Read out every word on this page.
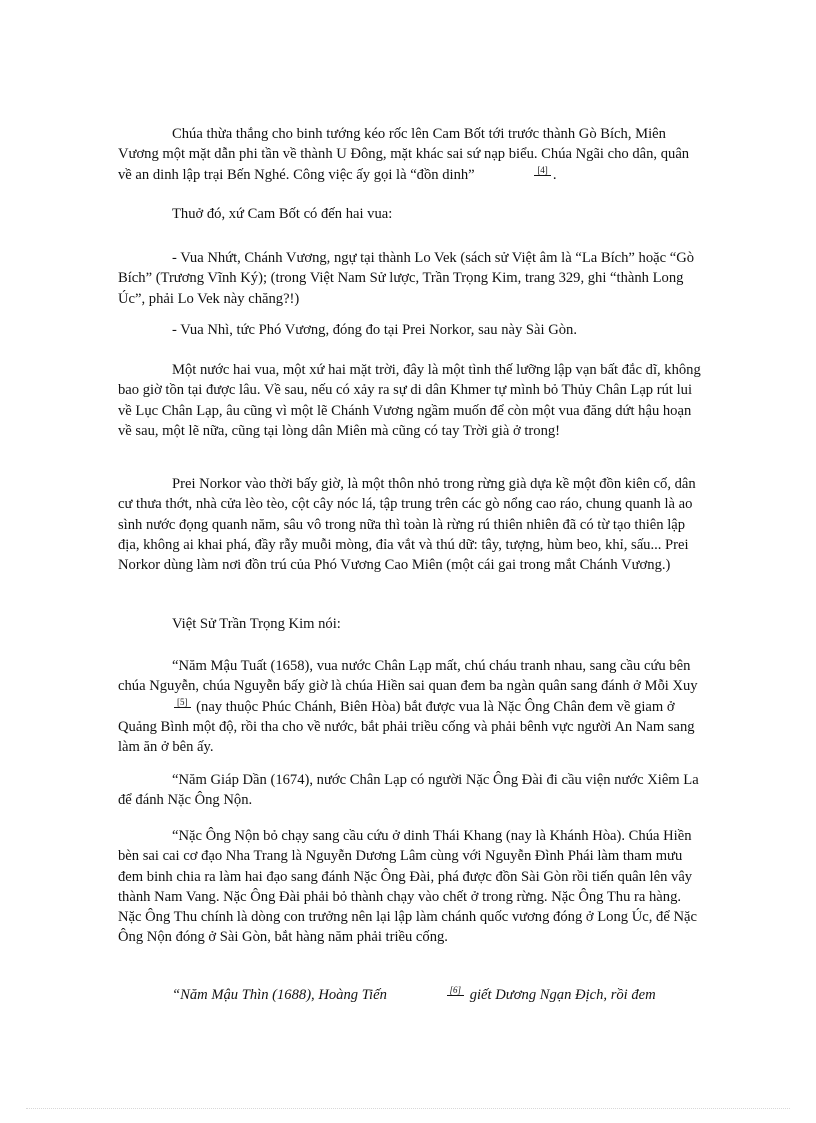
Chúa thừa thắng cho binh tướng kéo rốc lên Cam Bốt tới trước thành Gò Bích, Miên Vương một mặt dẫn phi tần về thành U Đông, mặt khác sai sứ nạp biểu. Chúa Ngãi cho dân, quân về an dinh lập trại Bến Nghé. Công việc ấy gọi là “đồn dinh”	[4] .

Thuở đó, xứ Cam Bốt có đến hai vua:

- Vua Nhứt, Chánh Vương, ngự tại thành Lo Vek (sách sử Việt âm là “La Bích” hoặc “Gò Bích” (Trương Vĩnh Ký); (trong Việt Nam Sử lược, Trần Trọng Kim, trang 329, ghi “thành Long Úc”, phải Lo Vek này chăng?!)

- Vua Nhì, tức Phó Vương, đóng đo tại Prei Norkor, sau này Sài Gòn.

Một nước hai vua, một xứ hai mặt trời, đây là một tình thế lưỡng lập vạn bất đắc dĩ, không bao giờ tồn tại được lâu. Về sau, nếu có xảy ra sự di dân Khmer tự mình bỏ Thủy Chân Lạp rút lui về Lục Chân Lạp, âu cũng vì một lẽ Chánh Vương ngầm muốn để còn một vua đăng dứt hậu hoạn về sau, một lẽ nữa, cũng tại lòng dân Miên mà cũng có tay Trời già ở trong!

Prei Norkor vào thời bấy giờ, là một thôn nhỏ trong rừng già dựa kề một đồn kiên cố, dân cư thưa thớt, nhà cửa lèo tèo, cột cây nóc lá, tập trung trên các gò nổng cao ráo, chung quanh là ao sình nước đọng quanh năm, sâu vô trong nữa thì toàn là rừng rú thiên nhiên đã có từ tạo thiên lập địa, không ai khai phá, đầy rẫy muỗi mòng, đỉa vắt và thú dữ: tây, tượng, hùm beo, khỉ, sấu... Prei Norkor dùng làm nơi đồn trú của Phó Vương Cao Miên (một cái gai trong mắt Chánh Vương.)

Việt Sử Trần Trọng Kim nói:

“Năm Mậu Tuất (1658), vua nước Chân Lạp mất, chú cháu tranh nhau, sang cầu cứu bên chúa Nguyễn, chúa Nguyễn bấy giờ là chúa Hiền sai quan đem ba ngàn quân sang đánh ở Mỗi Xuy [5] (nay thuộc Phúc Chánh, Biên Hòa) bắt được vua là Nặc Ông Chân đem về giam ở Quảng Bình một độ, rồi tha cho về nước, bắt phải triều cống và phải bênh vực người An Nam sang làm ăn ở bên ấy.

“Năm Giáp Dần (1674), nước Chân Lạp có người Nặc Ông Đài đi cầu viện nước Xiêm La để đánh Nặc Ông Nộn.

“Nặc Ông Nộn bỏ chạy sang cầu cứu ở dinh Thái Khang (nay là Khánh Hòa). Chúa Hiền bèn sai cai cơ đạo Nha Trang là Nguyễn Dương Lâm cùng với Nguyễn Đình Phái làm tham mưu đem binh chia ra làm hai đạo sang đánh Nặc Ông Đài, phá được đồn Sài Gòn rồi tiến quân lên vây thành Nam Vang. Nặc Ông Đài phải bỏ thành chạy vào chết ở trong rừng. Nặc Ông Thu ra hàng. Nặc Ông Thu chính là dòng con trưởng nên lại lập làm chánh quốc vương đóng ở Long Úc, để Nặc Ông Nộn đóng ở Sài Gòn, bắt hàng năm phải triều cống.

“Năm Mậu Thìn (1688), Hoàng Tiến	[6] giết Dương Ngạn Địch, rồi đem
